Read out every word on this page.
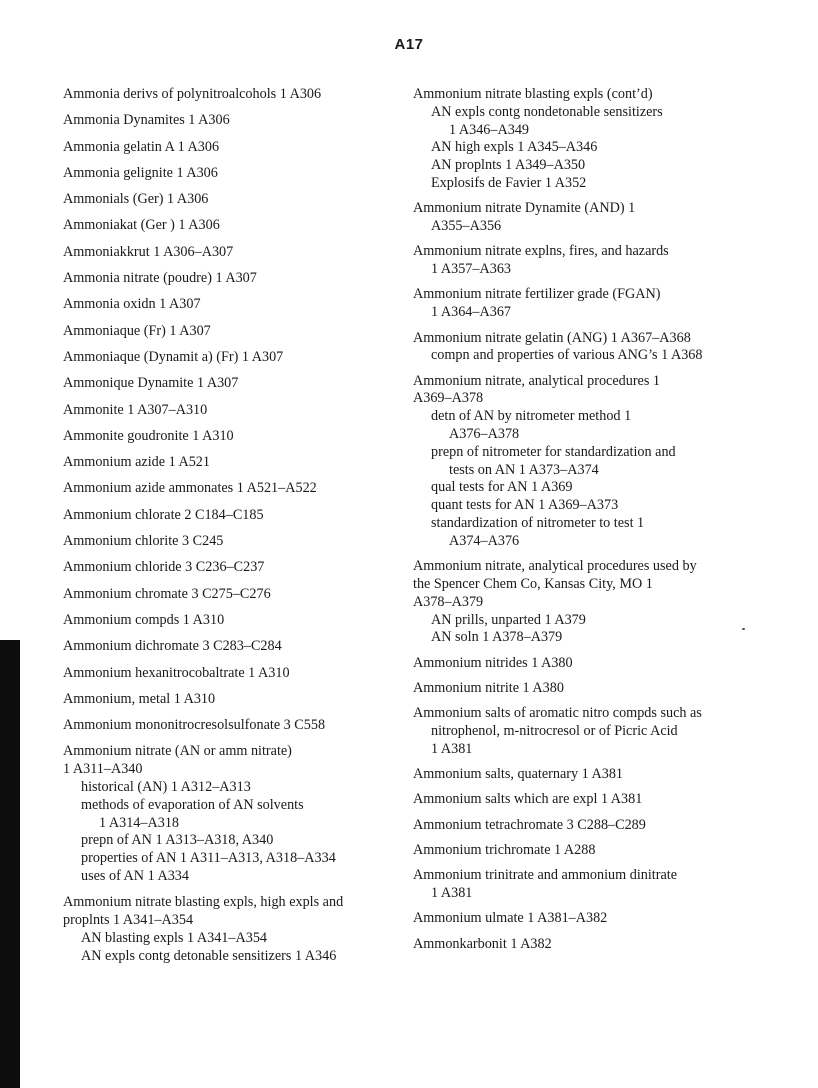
A17
Ammonia derivs of polynitroalcohols 1 A306
Ammonia Dynamites 1 A306
Ammonia gelatin A 1 A306
Ammonia gelignite 1 A306
Ammonials (Ger) 1 A306
Ammoniakat (Ger ) 1 A306
Ammoniakkrut 1 A306–A307
Ammonia nitrate (poudre) 1 A307
Ammonia oxidn 1 A307
Ammoniaque (Fr) 1 A307
Ammoniaque (Dynamit a) (Fr) 1 A307
Ammonique Dynamite 1 A307
Ammonite 1 A307–A310
Ammonite goudronite 1 A310
Ammonium azide 1 A521
Ammonium azide ammonates 1 A521–A522
Ammonium chlorate 2 C184–C185
Ammonium chlorite 3 C245
Ammonium chloride 3 C236–C237
Ammonium chromate 3 C275–C276
Ammonium compds 1 A310
Ammonium dichromate 3 C283–C284
Ammonium hexanitrocobaltrate 1 A310
Ammonium, metal 1 A310
Ammonium mononitrocresolsulfonate 3 C558
Ammonium nitrate (AN or amm nitrate)
1 A311–A340
historical (AN) 1 A312–A313
methods of evaporation of AN solvents
1 A314–A318
prepn of AN 1 A313–A318, A340
properties of AN 1 A311–A313, A318–A334
uses of AN 1 A334
Ammonium nitrate blasting expls, high expls and
proplnts 1 A341–A354
AN blasting expls 1 A341–A354
AN expls contg detonable sensitizers 1 A346
Ammonium nitrate blasting expls (cont’d)
AN expls contg nondetonable sensitizers
1 A346–A349
AN high expls 1 A345–A346
AN proplnts 1 A349–A350
Explosifs de Favier 1 A352
Ammonium nitrate Dynamite (AND) 1
A355–A356
Ammonium nitrate explns, fires, and hazards
1 A357–A363
Ammonium nitrate fertilizer grade (FGAN)
1 A364–A367
Ammonium nitrate gelatin (ANG) 1 A367–A368
compn and properties of various ANG’s 1 A368
Ammonium nitrate, analytical procedures 1
A369–A378
detn of AN by nitrometer method 1
A376–A378
prepn of nitrometer for standardization and
tests on AN 1 A373–A374
qual tests for AN 1 A369
quant tests for AN 1 A369–A373
standardization of nitrometer to test 1
A374–A376
Ammonium nitrate, analytical procedures used by
the Spencer Chem Co, Kansas City, MO 1
A378–A379
AN prills, unparted 1 A379
AN soln 1 A378–A379
Ammonium nitrides 1 A380
Ammonium nitrite 1 A380
Ammonium salts of aromatic nitro compds such as
nitrophenol, m-nitrocresol or of Picric Acid
1 A381
Ammonium salts, quaternary 1 A381
Ammonium salts which are expl 1 A381
Ammonium tetrachromate 3 C288–C289
Ammonium trichromate 1 A288
Ammonium trinitrate and ammonium dinitrate
1 A381
Ammonium ulmate 1 A381–A382
Ammonkarbonit 1 A382
